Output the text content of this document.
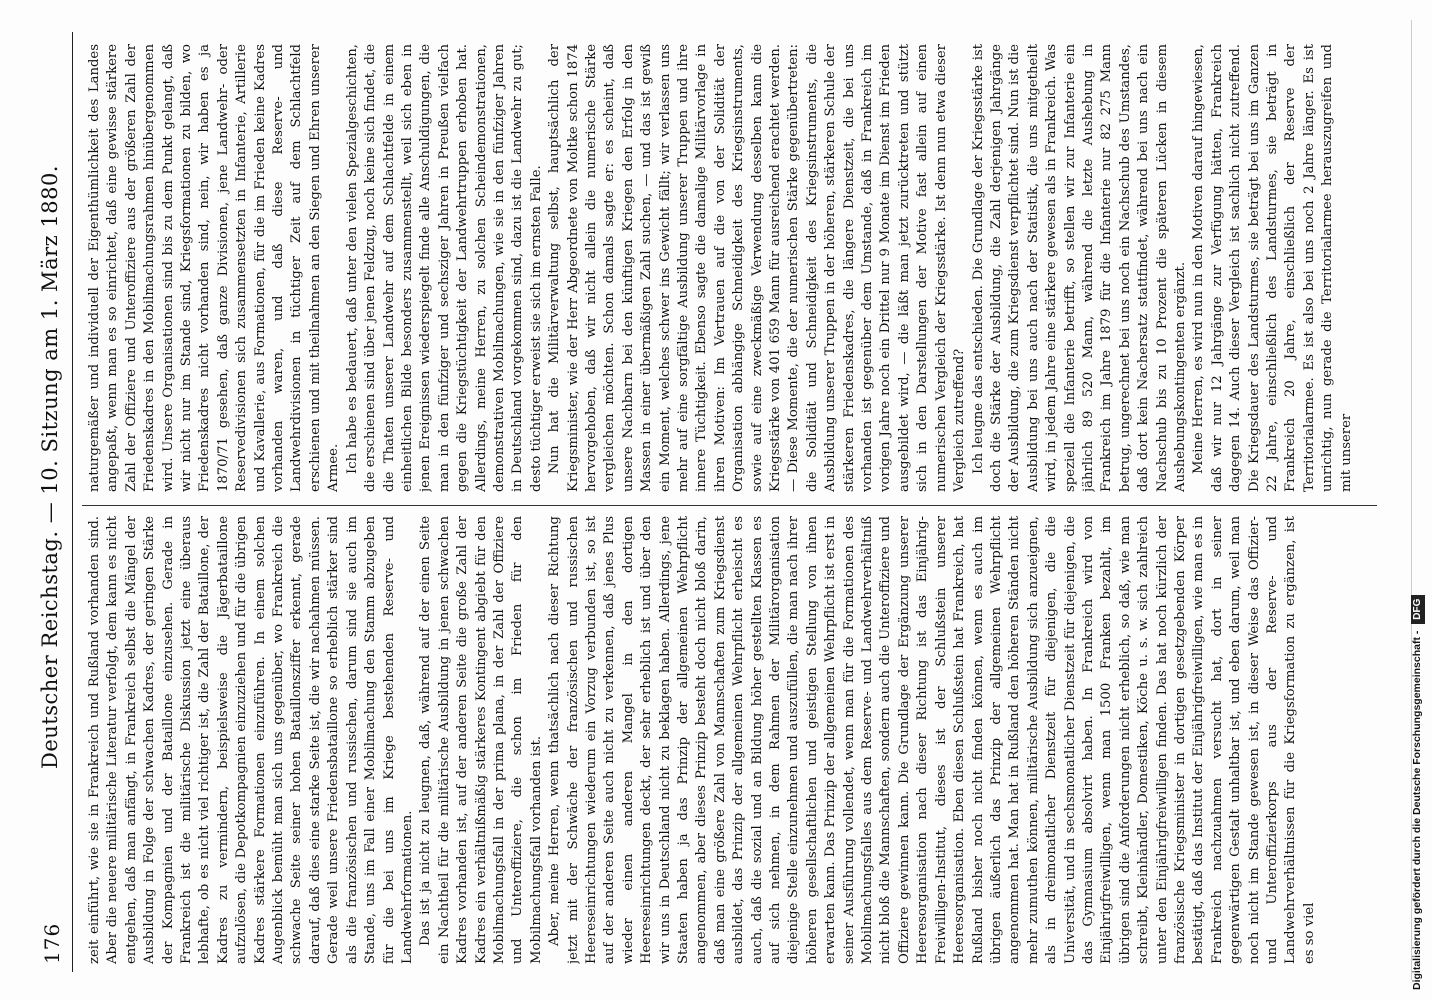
176
Deutscher Reichstag. — 10. Sitzung am 1. März 1880. zeit einführt, wie sie in Frankreich und Rußland vorhanden sind. Aber die neuere militärische Literatur verfolgt, dem kann es nicht entgehen, daß man anfängt, in Frankreich selbst die Mängel der Ausbildung in Folge der schwachen Kadres, der geringen Stärke der Kompagnien und der Bataillone einzusehen. Gerade in Frankreich ist die militärische Diskussion jetzt eine überaus lebhafte, ob es nicht viel richtiger ist, die Zahl der Bataillone, der Kadres zu vermindern, beispielsweise die Jägerbataillone aufzulösen, die Depotkompagnien einzuziehen und für die übrigen Kadres stärkere Formationen einzuführen. In einem solchen Augenblick bemüht man sich uns gegenüber, wo Frankreich die schwache Seite seiner hohen Bataillonsziffer erkennt, gerade darauf, daß dies eine starke Seite ist, die wir nachahmen müssen. Gerade weil unsere Friedensbataillone so erheblich stärker sind als die französischen und russischen, darum sind sie auch im Stande, uns im Fall einer Mobilmachung den Stamm abzugeben für die bei uns im Kriege bestehenden Reserve- und Landwehrformationen. Das ist ja nicht zu leugnen, daß, während auf der einen Seite ein Nachtheil für die militärische Ausbildung in jenen schwachen Kadres vorhanden ist, auf der anderen Seite die große Zahl der Kadres ein verhältnißmäßig stärkeres Kontingent abgiebt für den Mobilmachungsfall in der prima plana, in der Zahl der Offiziere und Unteroffiziere, die schon im Frieden für den Mobilmachungsfall vorhanden ist. Aber, meine Herren, wenn thatsächlich nach dieser Richtung jetzt mit der Schwäche der französischen und russischen Heereseinrichtungen wiederum ein Vorzug verbunden ist, so ist auf der anderen Seite auch nicht zu verkennen, daß jenes Plus wieder einen anderen Mangel in den dortigen Heereseinrichtungen deckt, der sehr erheblich ist und über den wir uns in Deutschland nicht zu beklagen haben. Allerdings, jene Staaten haben ja das Prinzip der allgemeinen Wehrpflicht angenommen, aber dieses Prinzip besteht doch nicht bloß darin, daß man eine größere Zahl von Mannschaften zum Kriegsdienst ausbildet, das Prinzip der allgemeinen Wehrpflicht erheischt es auch, daß die sozial und an Bildung höher gestellten Klassen es auf sich nehmen, in dem Rahmen der Militärorganisation diejenige Stelle einzunehmen und auszufüllen, die man nach ihrer höheren gesellschaftlichen und geistigen Stellung von ihnen erwarten kann. Das Prinzip der allgemeinen Wehrpflicht ist erst in seiner Ausführung vollendet, wenn man für die Formationen des Mobilmachungsfalles aus dem Reserve- und Landwehrverhältniß nicht bloß die Mannschaften, sondern auch die Unteroffiziere und Offiziere gewinnen kann. Die Grundlage der Ergänzung unserer Heeresorganisation nach dieser Richtung ist das Einjährig-Freiwilligen-Institut, dieses ist der Schlußstein unserer Heeresorganisation. Eben diesen Schlußstein hat Frankreich, hat Rußland bisher noch nicht finden können, wenn es auch im übrigen äußerlich das Prinzip der allgemeinen Wehrpflicht angenommen hat. Man hat in Rußland den höheren Ständen nicht mehr zumuthen können, militärische Ausbildung sich anzueignen, als in dreimonatlicher Dienstzeit für diejenigen, die die Universität, und in sechsmonatlicher Dienstzeit für diejenigen, die das Gymnasium absolvirt haben. In Frankreich wird von Einjährigfreiwilligen, wenn man 1500 Franken bezahlt, im übrigen sind die Anforderungen nicht erheblich, so daß, wie man schreibt, Kleinhändler, Domestiken, Köche u. s. w. sich zahlreich unter den Einjährigfreiwilligen finden. Das hat noch kürzlich der französische Kriegsminister in dortigen gesetzgebenden Körper bestätigt, daß das Institut der Einjährigfreiwilligen, wie man es in Frankreich nachzuahmen versucht hat, dort in seiner gegenwärtigen Gestalt unhaltbar ist, und eben darum, weil man noch nicht im Stande gewesen ist, in dieser Weise das Offizier- und Unteroffizierkorps aus der Reserve- und Landwehrverhältnissen für die Kriegsformation zu ergänzen, ist es so viel

naturgemäßer und individuell der Eigenthümlichkeit des Landes angepaßt, wenn man es so einrichtet, daß eine gewisse stärkere Zahl der Offiziere und Unteroffiziere aus der größeren Zahl der Friedenskadres in den Mobilmachungsrahmen hinübergenommen wird. Unsere Organisationen sind bis zu dem Punkt gelangt, daß wir nicht nur im Stande sind, Kriegsformationen zu bilden, wo Friedenskadres nicht vorhanden sind, nein, wir haben es ja 1870/71 gesehen, daß ganze Divisionen, jene Landwehr- oder Reservedivisionen sich zusammensetzten in Infanterie, Artillerie und Kavallerie, aus Formationen, für die im Frieden keine Kadres vorhanden waren, und daß diese Reserve- und Landwehrdivisionen in tüchtiger Zeit auf dem Schlachtfeld erschienen und mit theilnahmen an den Siegen und Ehren unserer Armee. Ich habe es bedauert, daß unter den vielen Spezialgeschichten, die erschienen sind über jenen Feldzug, noch keine sich findet, die die Thaten unserer Landwehr auf dem Schlachtfelde in einem einheitlichen Bilde besonders zusammenstellt, weil sich eben in jenen Ereignissen wiederspiegelt finde alle Anschuldigungen, die man in den fünfziger und sechsziger Jahren in Preußen vielfach gegen die Kriegstüchtigkeit der Landwehrtruppen erhoben hat. Allerdings, meine Herren, zu solchen Scheindemonstrationen, demonstrativen Mobilmachungen, wie sie in den fünfziger Jahren in Deutschland vorgekommen sind, dazu ist die Landwehr zu gut; desto tüchtiger erweist sie sich im ernsten Falle. Nun hat die Militärverwaltung selbst, hauptsächlich der Kriegsminister, wie der Herr Abgeordnete von Moltke schon 1874 hervorgehoben, daß wir nicht allein die numerische Stärke vergleichen möchten. Schon damals sagte er: es scheint, daß unsere Nachbarn bei den künftigen Kriegen den Erfolg in den Massen in einer übermäßigen Zahl suchen, — und das ist gewiß ein Moment, welches schwer ins Gewicht fällt; wir verlassen uns mehr auf eine sorgfältige Ausbildung unserer Truppen und ihre innere Tüchtigkeit. Ebenso sagte die damalige Militärvorlage in ihren Motiven: Im Vertrauen auf die von der Solidität der Organisation abhängige Schneidigkeit des Kriegsinstruments, sowie auf eine zweckmäßige Verwendung desselben kann die Kriegsstärke von 401 659 Mann für ausreichend erachtet werden. — Diese Momente, die der numerischen Stärke gegenübertreten: die Solidität und Schneidigkeit des Kriegsinstruments, die Ausbildung unserer Truppen in der höheren, stärkeren Schule der stärkeren Friedenskadres, die längere Dienstzeit, die bei uns vorhanden ist gegenüber dem Umstande, daß in Frankreich im vorigen Jahre noch ein Drittel nur 9 Monate im Dienst im Frieden ausgebildet wird, — die läßt man jetzt zurücktreten und stützt sich in den Darstellungen der Motive fast allein auf einen numerischen Vergleich der Kriegsstärke. Ist denn nun etwa dieser Vergleich zutreffend? Ich leugne das entschieden. Die Grundlage der Kriegsstärke ist doch die Stärke der Ausbildung, die Zahl derjenigen Jahrgänge der Ausbildung, die zum Kriegsdienst verpflichtet sind. Nun ist die Ausbildung bei uns auch nach der Statistik, die uns mitgetheilt wird, in jedem Jahre eine stärkere gewesen als in Frankreich. Was speziell die Infanterie betrifft, so stellen wir zur Infanterie ein jährlich 89 520 Mann, während die letzte Aushebung in Frankreich im Jahre 1879 für die Infanterie nur 82 275 Mann betrug, ungerechnet bei uns noch ein Nachschub des Umstandes, daß dort kein Nachersatz stattfindet, während bei uns nach ein Nachschub bis zu 10 Prozent die späteren Lücken in diesem Aushebungskontingenten ergänzt. Meine Herren, es wird nun in den Motiven darauf hingewiesen, daß wir nur 12 Jahrgänge zur Verfügung hätten, Frankreich dagegen 14. Auch dieser Vergleich ist sachlich nicht zutreffend. Die Kriegsdauer des Landsturmes, sie beträgt bei uns im Ganzen 22 Jahre, einschließlich des Landsturmes, sie beträgt in Frankreich 20 Jahre, einschließlich der Reserve der Territorialarmee. Es ist also bei uns noch 2 Jahre länger. Es ist unrichtig, nun gerade die Territorialarmee herauszugreifen und mit unserer

Digitalisierung gefördert durch die Deutsche Forschungsgemeinschaft - DFG
